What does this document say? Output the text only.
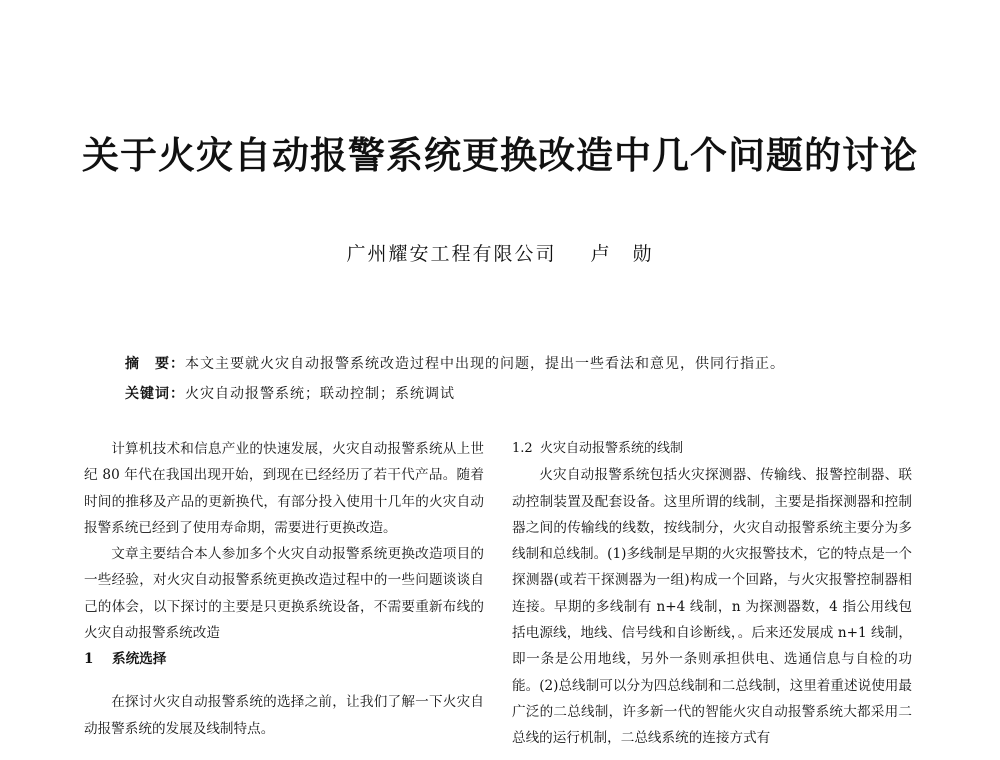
关于火灾自动报警系统更换改造中几个问题的讨论
广州耀安工程有限公司 卢　勋
摘　要：本文主要就火灾自动报警系统改造过程中出现的问题，提出一些看法和意见，供同行指正。
关键词：火灾自动报警系统；联动控制；系统调试

计算机技术和信息产业的快速发展，火灾自动报警系统从上世纪 80 年代在我国出现开始，到现在已经经历了若干代产品。随着时间的推移及产品的更新换代，有部分投入使用十几年的火灾自动报警系统已经到了使用寿命期，需要进行更换改造。

文章主要结合本人参加多个火灾自动报警系统更换改造项目的一些经验，对火灾自动报警系统更换改造过程中的一些问题谈谈自己的体会，以下探讨的主要是只更换系统设备，不需要重新布线的火灾自动报警系统改造

1 系统选择

在探讨火灾自动报警系统的选择之前，让我们了解一下火灾自动报警系统的发展及线制特点。

1.2 火灾自动报警系统的线制

火灾自动报警系统包括火灾探测器、传输线、报警控制器、联动控制装置及配套设备。这里所谓的线制，主要是指探测器和控制器之间的传输线的线数，按线制分，火灾自动报警系统主要分为多线制和总线制。(1)多线制是早期的火灾报警技术，它的特点是一个探测器(或若干探测器为一组)构成一个回路，与火灾报警控制器相连接。早期的多线制有 n+4 线制，n 为探测器数，4 指公用线包括电源线，地线、信号线和自诊断线，。后来还发展成 n+1 线制，即一条是公用地线，另外一条则承担供电、选通信息与自检的功能。(2)总线制可以分为四总线制和二总线制，这里着重述说使用最广泛的二总线制，许多新一代的智能火灾自动报警系统大都采用二总线的运行机制，二总线系统的连接方式有
